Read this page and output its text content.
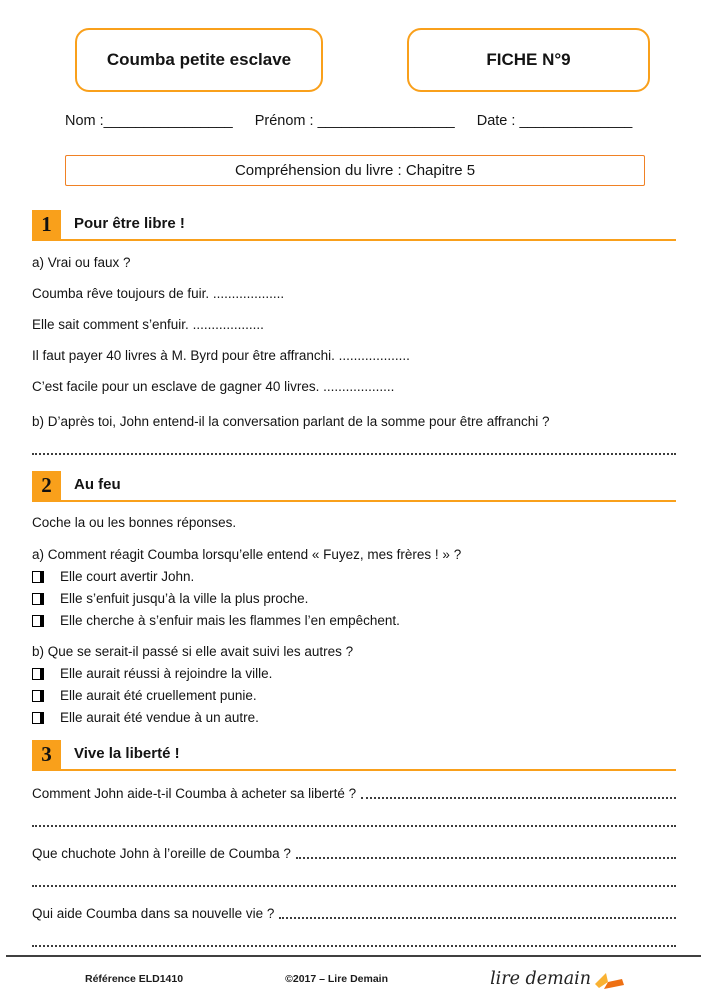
Coumba petite esclave	FICHE N°9
Nom :________________ Prénom : _________________ Date : ______________
Compréhension du livre : Chapitre 5
1	Pour être libre !

a) Vrai ou faux ?

Coumba rêve toujours de fuir. ...................

Elle sait comment s’enfuir. ...................

Il faut payer 40 livres à M. Byrd pour être affranchi. ...................

C’est facile pour un esclave de gagner 40 livres. ...................

b) D’après toi, John entend-il la conversation parlant de la somme pour être affranchi ?

2	Au feu

Coche la ou les bonnes réponses.

a) Comment réagit Coumba lorsqu’elle entend « Fuyez, mes frères ! » ?

Elle court avertir John.
Elle s’enfuit jusqu’à la ville la plus proche.
Elle cherche à s’enfuir mais les flammes l’en empêchent.

b) Que se serait-il passé si elle avait suivi les autres ?

Elle aurait réussi à rejoindre la ville.
Elle aurait été cruellement punie.
Elle aurait été vendue à un autre.
3	Vive la liberté !
Comment John aide-t-il Coumba à acheter sa liberté ?
Que chuchote John à l’oreille de Coumba ?
Qui aide Coumba dans sa nouvelle vie ?
Référence ELD1410	©2017 – Lire Demain	lire demain
